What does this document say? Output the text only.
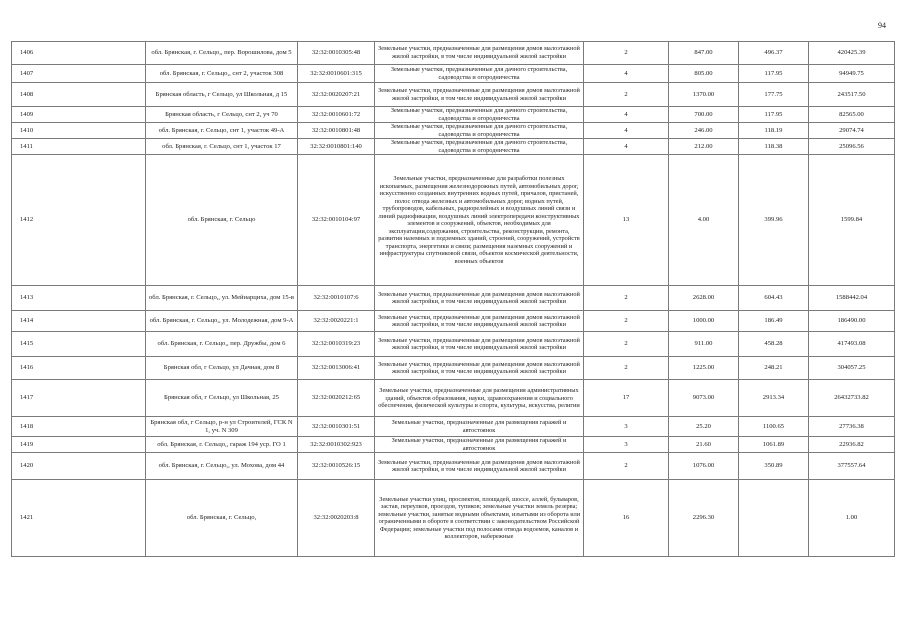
94
1406	обл. Брянская, г. Сельцо,, пер. Ворошилова, дом 5	32:32:0010305:48	Земельные участки, предназначенные для размещения домов малоэтажной жилой застройки, в том числе индивидуальной жилой застройки	2	847.00	496.37	420425.39
1407	обл. Брянская, г. Сельцо,, снт 2, участок 308	32:32:0010601:315	Земельные участки, предназначенные для дачного строительства, садоводства и огородничества	4	805.00	117.95	94949.75
1408	Брянская область, г Сельцо, ул Школьная, д 15	32:32:0020207:21	Земельные участки, предназначенные для размещения домов малоэтажной жилой застройки, в том числе индивидуальной жилой застройки	2	1370.00	177.75	243517.50
1409	Брянская область, г Сельцо, снт 2, уч 70	32:32:0010601:72	Земельные участки, предназначенные для дачного строительства, садоводства и огородничества	4	700.00	117.95	82565.00
1410	обл. Брянская, г. Сельцо, снт 1, участок 49-А	32:32:0010801:48	Земельные участки, предназначенные для дачного строительства, садоводства и огородничества	4	246.00	118.19	29074.74
1411	обл. Брянская, г. Сельцо, снт 1, участок 17	32:32:0010801:140	Земельные участки, предназначенные для дачного строительства, садоводства и огородничества	4	212.00	118.38	25096.56
1412	обл. Брянская, г. Сельцо	32:32:0010104:97	Земельные участки, предназначенные для разработки полезных ископаемых, размещения железнодорожных путей, автомобильных дорог, искусственно созданных внутренних водных путей, причалов, пристаней, полос отвода железных и автомобильных дорог, водных путей, трубопроводов, кабельных, радиорелейных и воздушных линий связи и линий радиофикации, воздушных линий электропередачи конструктивных элементов и сооружений, объектов, необходимых для эксплуатации,содержания, строительства, реконструкции, ремонта, развития наземных и подземных зданий, строений, сооружений, устройств транспорта, энергетики и связи; размещения наземных сооружений и инфраструктуры спутниковой связи, объектов космической деятельности, военных объектов	13	4.00	399.96	1599.84
1413	обл. Брянская, г. Сельцо,, ул. Мейнарциха, дом 15-в	32:32:0010107:6	Земельные участки, предназначенные для размещения домов малоэтажной жилой застройки, в том числе индивидуальной жилой застройки	2	2628.00	604.43	1588442.04
1414	обл. Брянская, г. Сельцо,, ул. Молодежная, дом 9-А	32:32:0020221:1	Земельные участки, предназначенные для размещения домов малоэтажной жилой застройки, в том числе индивидуальной жилой застройки	2	1000.00	186.49	186490.00
1415	обл. Брянская, г. Сельцо,, пер. Дружбы, дом 6	32:32:0010319:23	Земельные участки, предназначенные для размещения домов малоэтажной жилой застройки, в том числе индивидуальной жилой застройки	2	911.00	458.28	417493.08
1416	Брянская обл, г Сельцо, ул Дачная, дом 8	32:32:0013006:41	Земельные участки, предназначенные для размещения домов малоэтажной жилой застройки, в том числе индивидуальной жилой застройки	2	1225.00	248.21	304057.25
1417	Брянская обл, г Сельцо, ул Школьная, 25	32:32:0020212:65	Земельные участки, предназначенные для размещения административных зданий, объектов образования, науки, здравоохранения и социального обеспечения, физической культуры и спорта, культуры, искусства, религии	17	9073.00	2913.34	26432733.82
1418	Брянская обл, г Сельцо, р-н ул Строителей, ГСК N 1, уч. N 309	32:32:0010301:51	Земельные участки, предназначенные для размещения гаражей и автостоянок	3	25.20	1100.65	27736.38
1419	обл. Брянская, г. Сельцо,, гараж 194 уср. ГО 1	32:32:0010302:923	Земельные участки, предназначенные для размещения гаражей и автостоянок	3	21.60	1061.89	22936.82
1420	обл. Брянская, г. Сельцо,, ул. Мохова, дом 44	32:32:0010526:15	Земельные участки, предназначенные для размещения домов малоэтажной жилой застройки, в том числе индивидуальной жилой застройки	2	1076.00	350.89	377557.64
1421	обл. Брянская, г. Сельцо,	32:32:0020203:8	Земельные участки улиц, проспектов, площадей, шоссе, аллей, бульваров, застав, переулков, проездов, тупиков; земельные участки земель резерва; земельные участки, занятые водными объектами, изъятыми из оборота или ограниченными в обороте в соответствии с законодательством Российской Федерации; земельные участки под полосами отвода водоемов, каналов и коллекторов, набережные	16	2296.30		1.00
